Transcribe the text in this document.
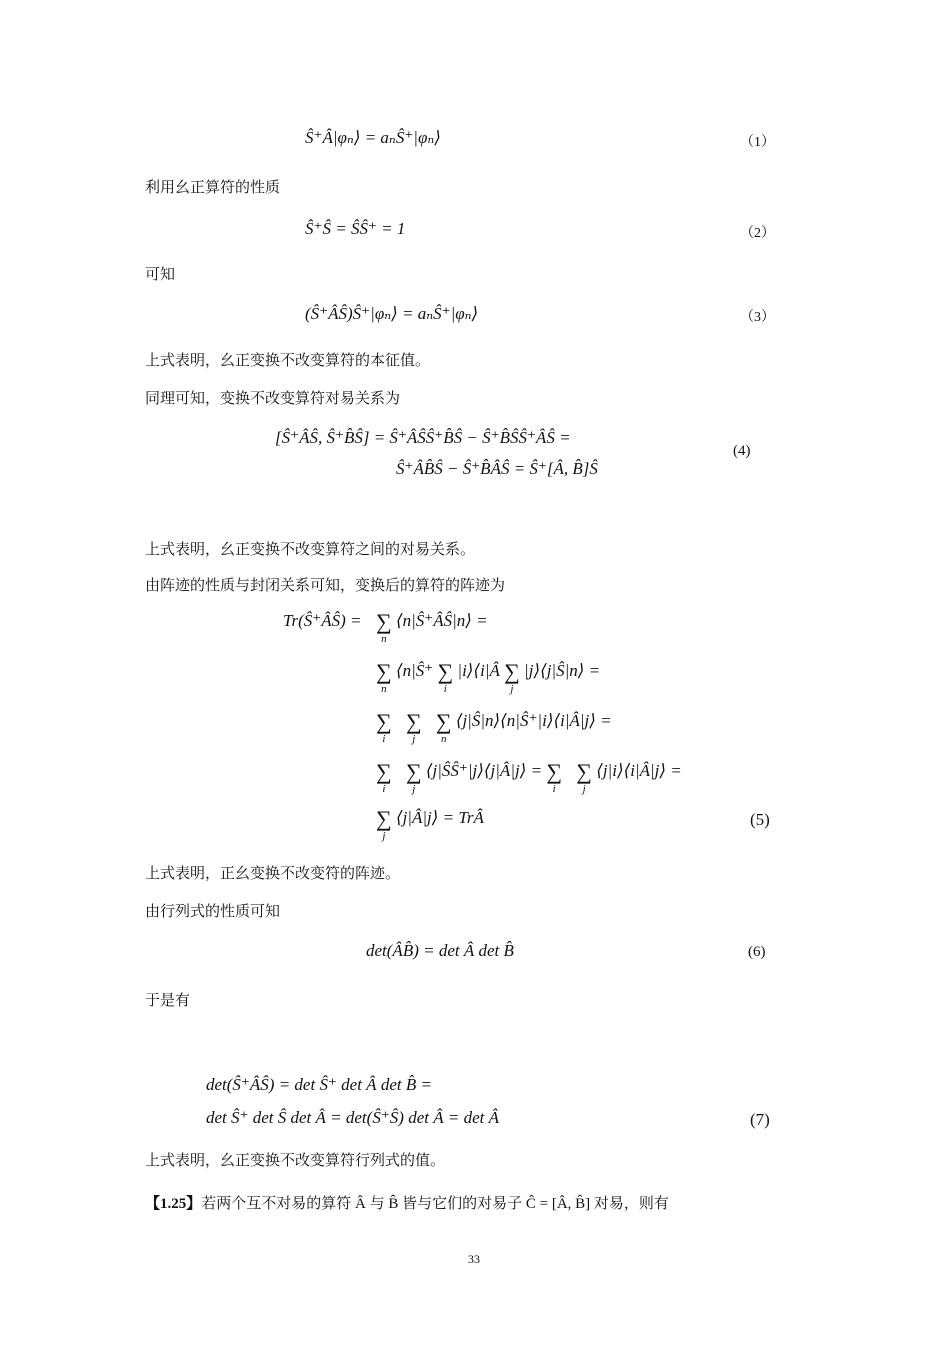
Ŝ⁺Â|φₙ⟩ = aₙŜ⁺|φₙ⟩	（1）
利用幺正算符的性质
Ŝ⁺Ŝ = ŜŜ⁺ = 1	（2）
可知
(Ŝ⁺ÂŜ)Ŝ⁺|φₙ⟩ = aₙŜ⁺|φₙ⟩	（3）
上式表明，幺正变换不改变算符的本征值。
同理可知，变换不改变算符对易关系为
[Ŝ⁺ÂŜ, Ŝ⁺B̂Ŝ] = Ŝ⁺ÂŜŜ⁺B̂Ŝ − Ŝ⁺B̂ŜŜ⁺ÂŜ =
Ŝ⁺ÂB̂Ŝ − Ŝ⁺B̂ÂŜ = Ŝ⁺[Â, B̂]Ŝ
(4)
上式表明，幺正变换不改变算符之间的对易关系。
由阵迹的性质与封闭关系可知，变换后的算符的阵迹为
Tr(Ŝ⁺ÂŜ) = ∑
n
⟨n|Ŝ⁺ÂŜ|n⟩ =
∑
n
⟨n|Ŝ⁺ ∑
i
|i⟩⟨i|Â ∑
j
|j⟩⟨j|Ŝ|n⟩ =
∑
i
∑
j
∑
n
⟨j|Ŝ|n⟩⟨n|Ŝ⁺|i⟩⟨i|Â|j⟩ =
∑
i
∑
j
⟨j|ŜŜ⁺|j⟩⟨j|Â|j⟩ = ∑
i
∑
j
⟨j|i⟩⟨i|Â|j⟩ =
∑
j
⟨j|Â|j⟩ = TrÂ	(5)
上式表明，正幺变换不改变符的阵迹。
由行列式的性质可知
det(ÂB̂) = det Â det B̂	(6)
于是有
det(Ŝ⁺ÂŜ) = det Ŝ⁺ det Â det B̂ =
det Ŝ⁺ det Ŝ det Â = det(Ŝ⁺Ŝ) det Â = det Â	(7)
上式表明，幺正变换不改变算符行列式的值。
【1.25】若两个互不对易的算符 Â 与 B̂ 皆与它们的对易子 Ĉ = [Â, B̂] 对易，则有
33
